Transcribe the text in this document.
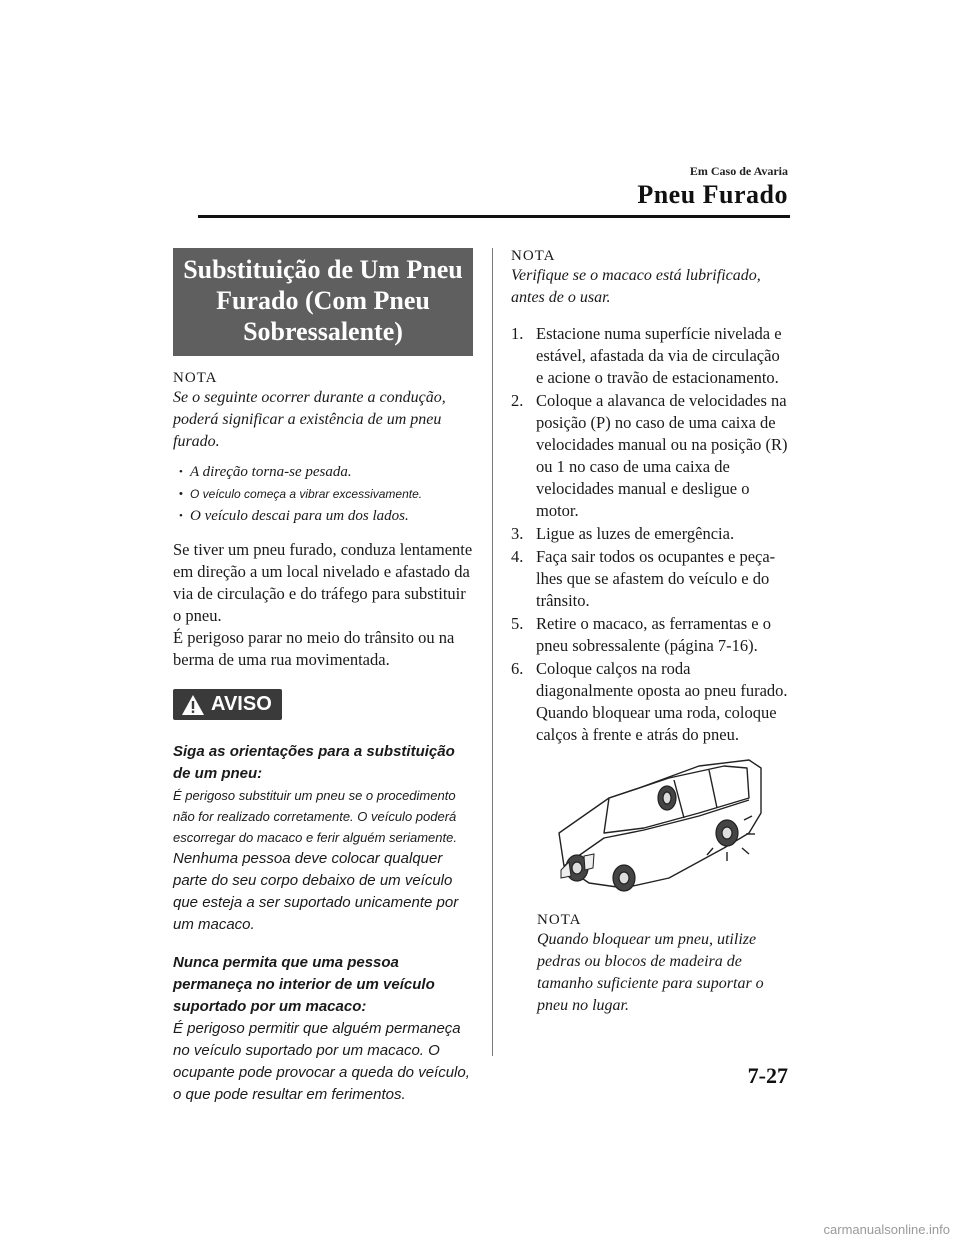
Em Caso de Avaria
Pneu Furado
Substituição de Um Pneu Furado (Com Pneu Sobressalente)
NOTA
Se o seguinte ocorrer durante a condução, poderá significar a existência de um pneu furado.
• A direção torna-se pesada.
• O veículo começa a vibrar excessivamente.
• O veículo descai para um dos lados.
Se tiver um pneu furado, conduza lentamente em direção a um local nivelado e afastado da via de circulação e do tráfego para substituir o pneu.
É perigoso parar no meio do trânsito ou na berma de uma rua movimentada.
AVISO
Siga as orientações para a substituição de um pneu:
É perigoso substituir um pneu se o procedimento não for realizado corretamente. O veículo poderá escorregar do macaco e ferir alguém seriamente.
Nenhuma pessoa deve colocar qualquer parte do seu corpo debaixo de um veículo que esteja a ser suportado unicamente por um macaco.
Nunca permita que uma pessoa permaneça no interior de um veículo suportado por um macaco:
É perigoso permitir que alguém permaneça no veículo suportado por um macaco. O ocupante pode provocar a queda do veículo, o que pode resultar em ferimentos.
NOTA
Verifique se o macaco está lubrificado, antes de o usar.
1. Estacione numa superfície nivelada e estável, afastada da via de circulação e acione o travão de estacionamento.
2. Coloque a alavanca de velocidades na posição (P) no caso de uma caixa de velocidades manual ou na posição (R) ou 1 no caso de uma caixa de velocidades manual e desligue o motor.
3. Ligue as luzes de emergência.
4. Faça sair todos os ocupantes e peça-lhes que se afastem do veículo e do trânsito.
5. Retire o macaco, as ferramentas e o pneu sobressalente (página 7-16).
6. Coloque calços na roda diagonalmente oposta ao pneu furado. Quando bloquear uma roda, coloque calços à frente e atrás do pneu.
NOTA
Quando bloquear um pneu, utilize pedras ou blocos de madeira de tamanho suficiente para suportar o pneu no lugar.
7-27
carmanualsonline.info
